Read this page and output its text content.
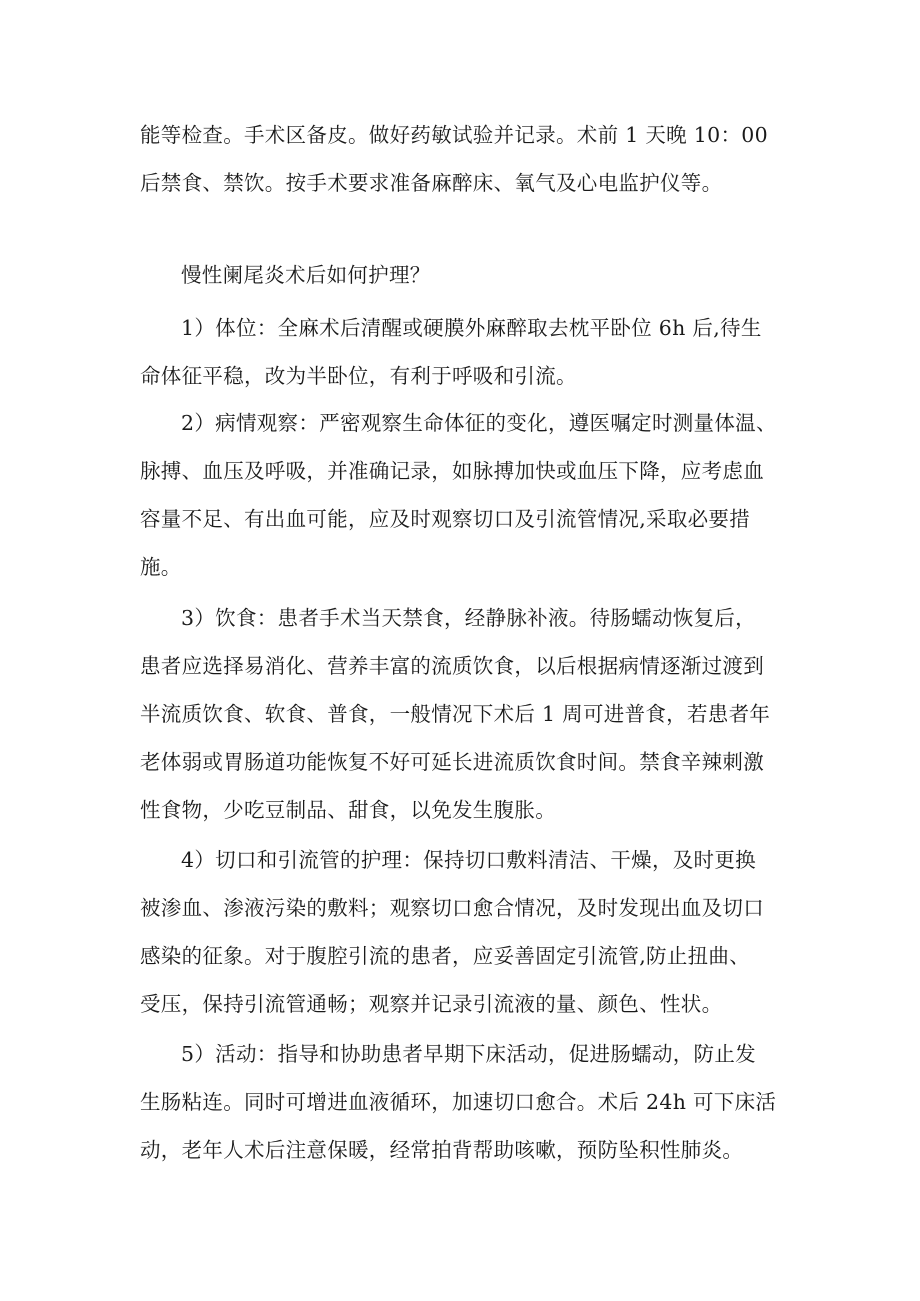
能等检查。手术区备皮。做好药敏试验并记录。术前 1 天晚 10：00
后禁食、禁饮。按手术要求准备麻醉床、氧气及心电监护仪等。
慢性阑尾炎术后如何护理？
1）体位：全麻术后清醒或硬膜外麻醉取去枕平卧位 6h 后,待生
命体征平稳，改为半卧位，有利于呼吸和引流。
2）病情观察：严密观察生命体征的变化，遵医嘱定时测量体温、
脉搏、血压及呼吸，并准确记录，如脉搏加快或血压下降，应考虑血
容量不足、有出血可能，应及时观察切口及引流管情况,采取必要措
施。
3）饮食：患者手术当天禁食，经静脉补液。待肠蠕动恢复后，
患者应选择易消化、营养丰富的流质饮食，以后根据病情逐渐过渡到
半流质饮食、软食、普食，一般情况下术后 1 周可进普食，若患者年
老体弱或胃肠道功能恢复不好可延长进流质饮食时间。禁食辛辣刺激
性食物，少吃豆制品、甜食，以免发生腹胀。
4）切口和引流管的护理：保持切口敷料清洁、干燥，及时更换
被渗血、渗液污染的敷料；观察切口愈合情况，及时发现出血及切口
感染的征象。对于腹腔引流的患者，应妥善固定引流管,防止扭曲、
受压，保持引流管通畅；观察并记录引流液的量、颜色、性状。
5）活动：指导和协助患者早期下床活动，促进肠蠕动，防止发
生肠粘连。同时可增进血液循环，加速切口愈合。术后 24h 可下床活
动，老年人术后注意保暖，经常拍背帮助咳嗽，预防坠积性肺炎。
